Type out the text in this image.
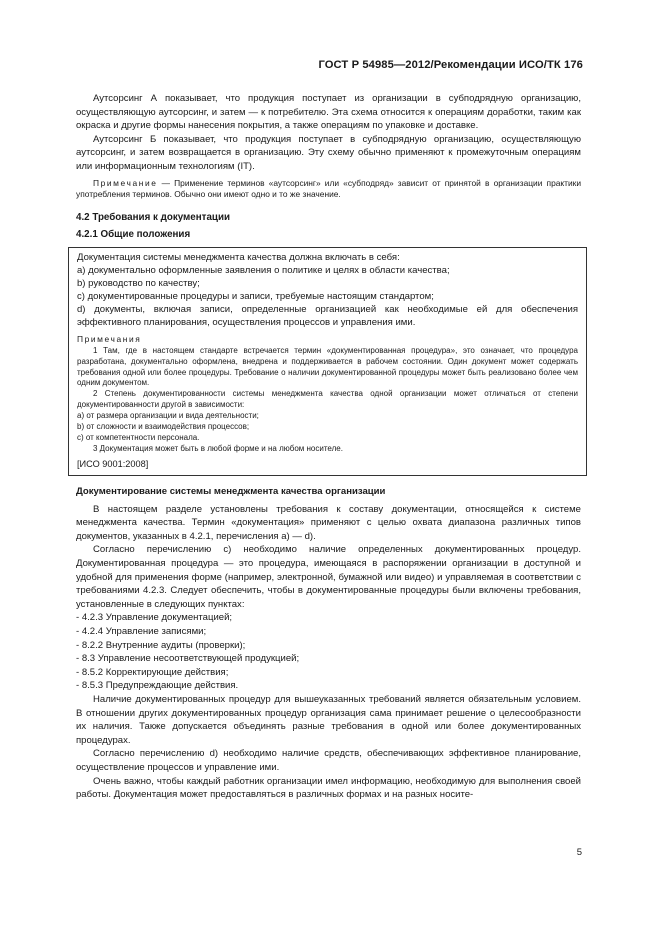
ГОСТ Р 54985—2012/Рекомендации ИСО/ТК 176

Аутсорсинг А показывает, что продукция поступает из организации в субподрядную организацию, осуществляющую аутсорсинг, и затем — к потребителю. Эта схема относится к операциям доработки, таким как окраска и другие формы нанесения покрытия, а также операциям по упаковке и доставке.

Аутсорсинг Б показывает, что продукция поступает в субподрядную организацию, осуществляющую аутсорсинг, и затем возвращается в организацию. Эту схему обычно применяют к промежуточным операциям или информационным технологиям (IT).

Примечание — Применение терминов «аутсорсинг» или «субподряд» зависит от принятой в организации практики употребления терминов. Обычно они имеют одно и то же значение.

4.2 Требования к документации
4.2.1 Общие положения

Документация системы менеджмента качества должна включать в себя:

a) документально оформленные заявления о политике и целях в области качества;

b) руководство по качеству;

c) документированные процедуры и записи, требуемые настоящим стандартом;

d) документы, включая записи, определенные организацией как необходимые ей для обеспечения эффективного планирования, осуществления процессов и управления ими.

Примечания

1 Там, где в настоящем стандарте встречается термин «документированная процедура», это означает, что процедура разработана, документально оформлена, внедрена и поддерживается в рабочем состоянии. Один документ может содержать требования одной или более процедуры. Требование о наличии документированной процедуры может быть реализовано более чем одним документом.

2 Степень документированности системы менеджмента качества одной организации может отличаться от степени документированности другой в зависимости:

a) от размера организации и вида деятельности;

b) от сложности и взаимодействия процессов;

c) от компетентности персонала.

3 Документация может быть в любой форме и на любом носителе.

[ИСО 9001:2008]

Документирование системы менеджмента качества организации

В настоящем разделе установлены требования к составу документации, относящейся к системе менеджмента качества. Термин «документация» применяют с целью охвата диапазона различных типов документов, указанных в 4.2.1, перечисления a) — d).

Согласно перечислению c) необходимо наличие определенных документированных процедур. Документированная процедура — это процедура, имеющаяся в распоряжении организации в доступной и удобной для применения форме (например, электронной, бумажной или видео) и управляемая в соответствии с требованиями 4.2.3. Следует обеспечить, чтобы в документированные процедуры были включены требования, установленные в следующих пунктах:

- 4.2.3 Управление документацией;

- 4.2.4 Управление записями;

- 8.2.2 Внутренние аудиты (проверки);

- 8.3 Управление несоответствующей продукцией;

- 8.5.2 Корректирующие действия;

- 8.5.3 Предупреждающие действия.

Наличие документированных процедур для вышеуказанных требований является обязательным условием. В отношении других документированных процедур организация сама принимает решение о целесообразности их наличия. Также допускается объединять разные требования в одной или более документированных процедурах.

Согласно перечислению d) необходимо наличие средств, обеспечивающих эффективное планирование, осуществление процессов и управление ими.

Очень важно, чтобы каждый работник организации имел информацию, необходимую для выполнения своей работы. Документация может предоставляться в различных формах и на разных носите-

5
